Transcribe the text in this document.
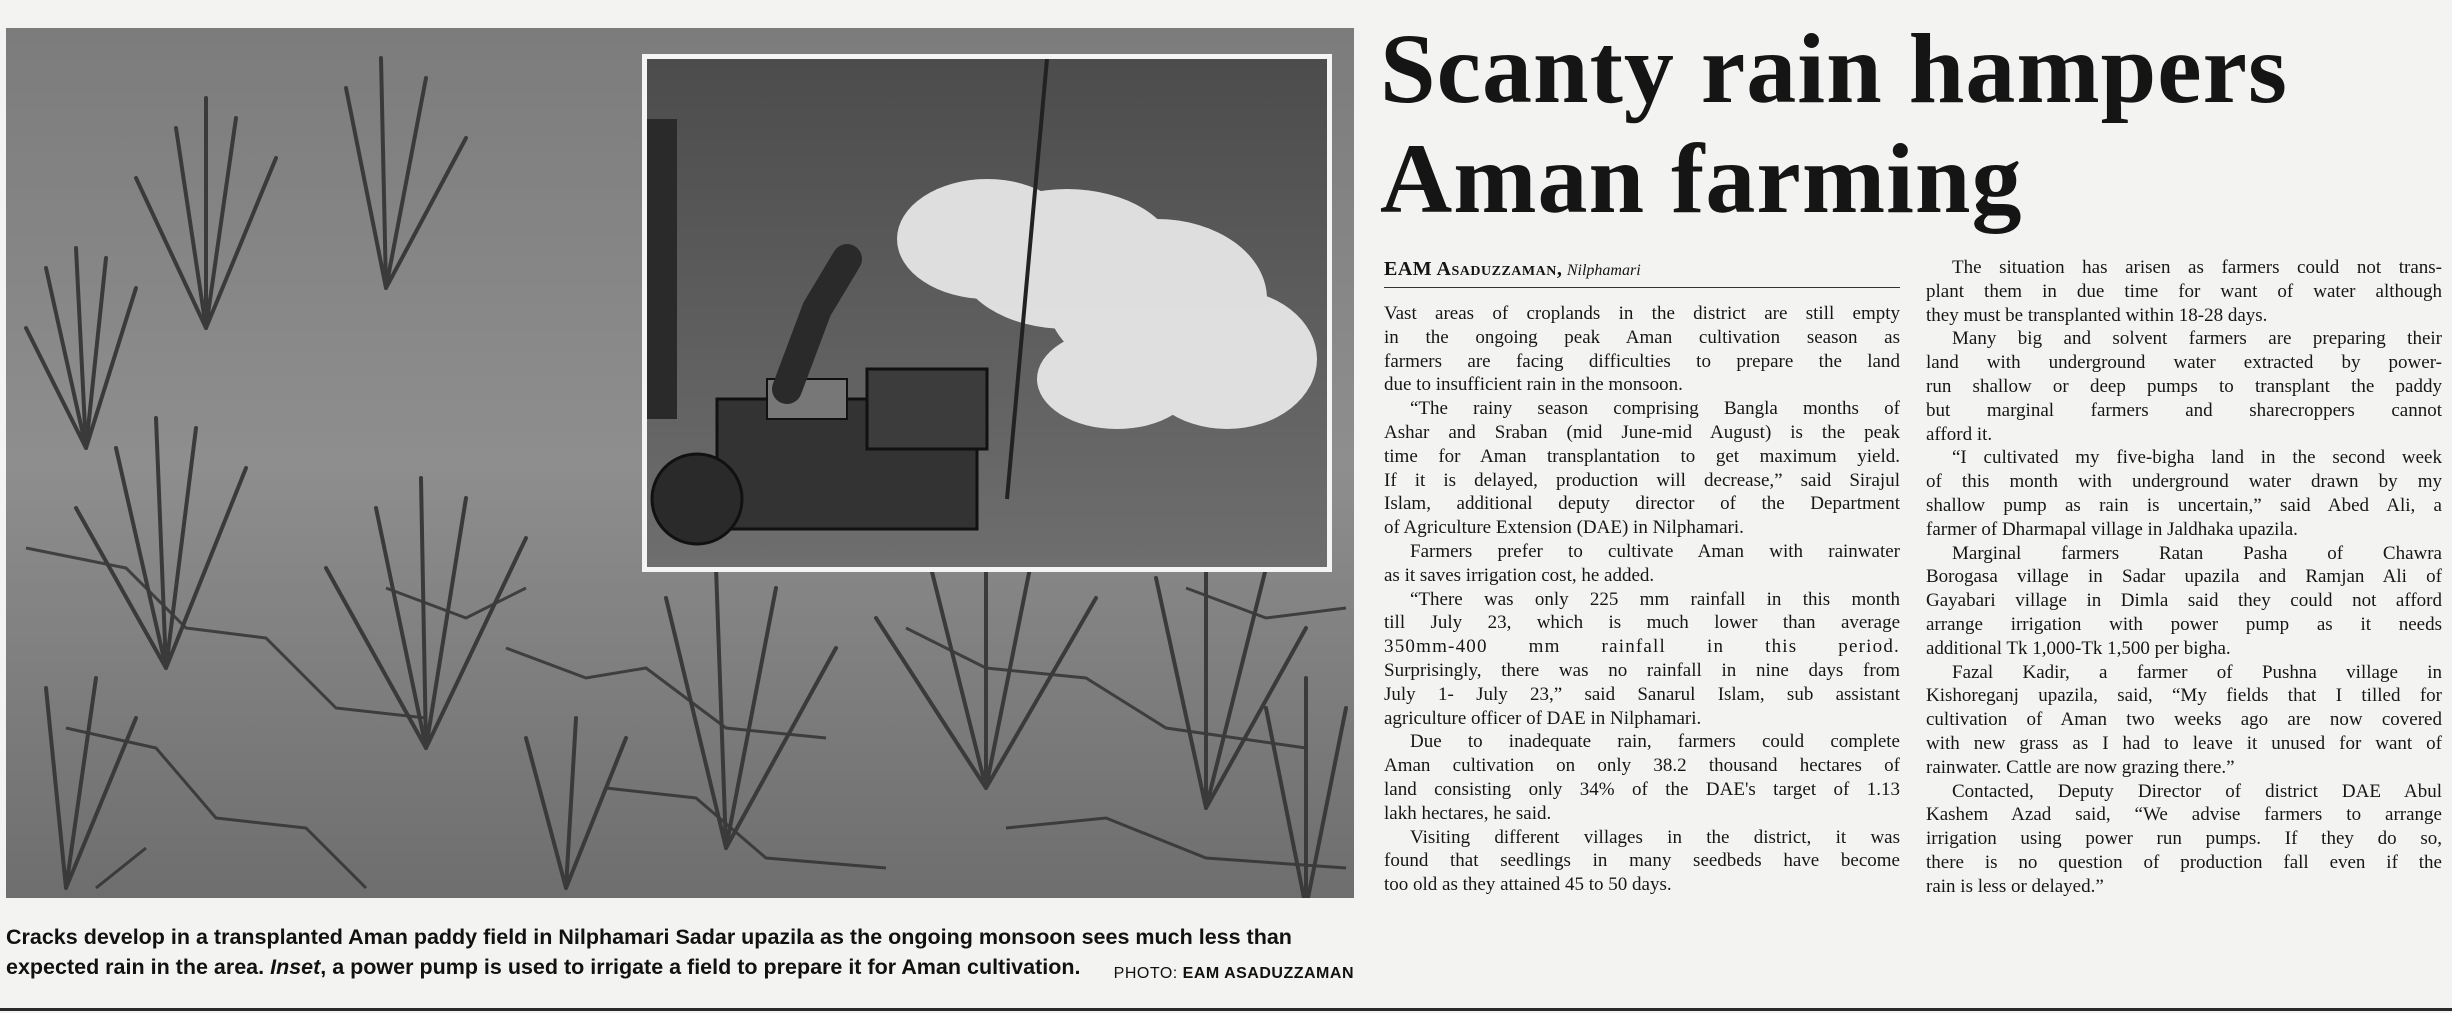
Cracks develop in a transplanted Aman paddy field in Nilphamari Sadar upazila as the ongoing monsoon sees much less than
expected rain in the area. Inset, a power pump is used to irrigate a field to prepare it for Aman cultivation.	PHOTO: EAM ASADUZZAMAN
Scanty rain hampers
Aman farming
EAM Asaduzzaman, Nilphamari

Vast areas of croplands in the district are still empty
in the ongoing peak Aman cultivation season as
farmers are facing difficulties to prepare the land
due to insufficient rain in the monsoon.

“The rainy season comprising Bangla months of
Ashar and Sraban (mid June-mid August) is the peak
time for Aman transplantation to get maximum yield.
If it is delayed, production will decrease,” said Sirajul
Islam, additional deputy director of the Department
of Agriculture Extension (DAE) in Nilphamari.

Farmers prefer to cultivate Aman with rainwater
as it saves irrigation cost, he added.

“There was only 225 mm rainfall in this month
till July 23, which is much lower than average
350mm-400 mm rainfall in this period.
Surprisingly, there was no rainfall in nine days from
July 1- July 23,” said Sanarul Islam, sub assistant
agriculture officer of DAE in Nilphamari.

Due to inadequate rain, farmers could complete
Aman cultivation on only 38.2 thousand hectares of
land consisting only 34% of the DAE's target of 1.13
lakh hectares, he said.

Visiting different villages in the district, it was
found that seedlings in many seedbeds have become
too old as they attained 45 to 50 days.

The situation has arisen as farmers could not trans-
plant them in due time for want of water although
they must be transplanted within 18-28 days.

Many big and solvent farmers are preparing their
land with underground water extracted by power-
run shallow or deep pumps to transplant the paddy
but marginal farmers and sharecroppers cannot
afford it.

“I cultivated my five-bigha land in the second week
of this month with underground water drawn by my
shallow pump as rain is uncertain,” said Abed Ali, a
farmer of Dharmapal village in Jaldhaka upazila.

Marginal farmers Ratan Pasha of Chawra
Borogasa village in Sadar upazila and Ramjan Ali of
Gayabari village in Dimla said they could not afford
arrange irrigation with power pump as it needs
additional Tk 1,000-Tk 1,500 per bigha.

Fazal Kadir, a farmer of Pushna village in
Kishoreganj upazila, said, “My fields that I tilled for
cultivation of Aman two weeks ago are now covered
with new grass as I had to leave it unused for want of
rainwater. Cattle are now grazing there.”

Contacted, Deputy Director of district DAE Abul
Kashem Azad said, “We advise farmers to arrange
irrigation using power run pumps. If they do so,
there is no question of production fall even if the
rain is less or delayed.”
